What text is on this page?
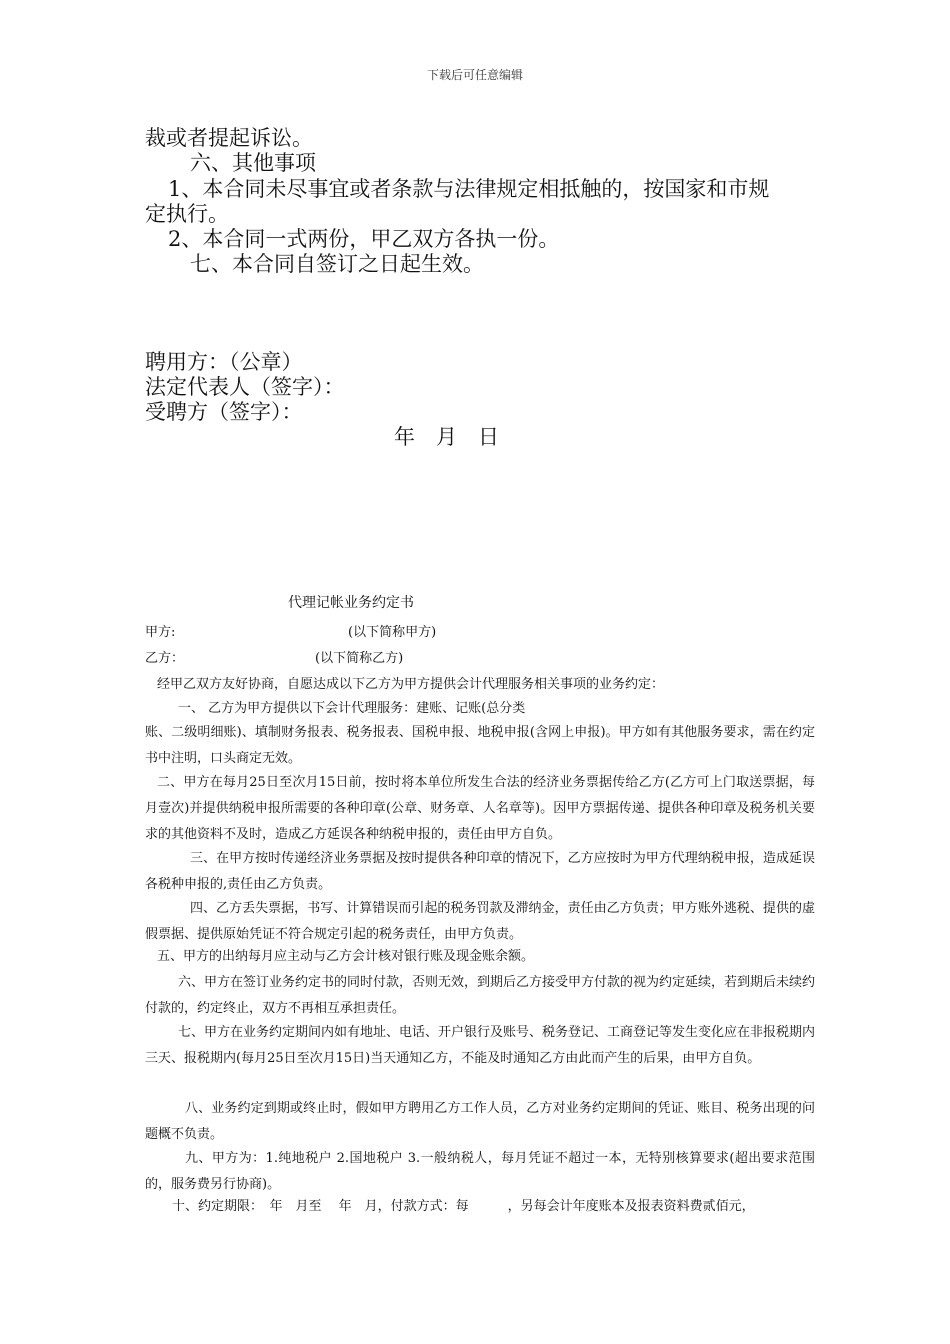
下载后可任意编辑
裁或者提起诉讼。
六、其他事项
1、本合同未尽事宜或者条款与法律规定相抵触的，按国家和市规
定执行。
2、本合同一式两份，甲乙双方各执一份。
七、本合同自签订之日起生效。
聘用方：（公章）
法定代表人（签字）：
受聘方（签字）：
年　月　日
代理记帐业务约定书
甲方:	(以下简称甲方)
乙方：	(以下简称乙方)
经甲乙双方友好协商，自愿达成以下乙方为甲方提供会计代理服务相关事项的业务约定：
一、 乙方为甲方提供以下会计代理服务：建账、记账(总分类
账、二级明细账)、填制财务报表、税务报表、国税申报、地税申报(含网上申报)。甲方如有其他服务要求，需在约定书中注明，口头商定无效。
二、甲方在每月25日至次月15日前，按时将本单位所发生合法的经济业务票据传给乙方(乙方可上门取送票据，每月壹次)并提供纳税申报所需要的各种印章(公章、财务章、人名章等)。因甲方票据传递、提供各种印章及税务机关要求的其他资料不及时，造成乙方延误各种纳税申报的，责任由甲方自负。
三、在甲方按时传递经济业务票据及按时提供各种印章的情况下，乙方应按时为甲方代理纳税申报，造成延误各税种申报的,责任由乙方负责。
四、乙方丢失票据，书写、计算错误而引起的税务罚款及滞纳金，责任由乙方负责；甲方账外逃税、提供的虚假票据、提供原始凭证不符合规定引起的税务责任，由甲方负责。
五、甲方的出纳每月应主动与乙方会计核对银行账及现金账余额。
六、甲方在签订业务约定书的同时付款，否则无效，到期后乙方接受甲方付款的视为约定延续，若到期后未续约付款的，约定终止，双方不再相互承担责任。
七、甲方在业务约定期间内如有地址、电话、开户银行及账号、税务登记、工商登记等发生变化应在非报税期内三天、报税期内(每月25日至次月15日)当天通知乙方，不能及时通知乙方由此而产生的后果，由甲方自负。
八、业务约定到期或终止时，假如甲方聘用乙方工作人员，乙方对业务约定期间的凭证、账目、税务出现的问题概不负责。
九、甲方为：1.纯地税户 2.国地税户 3.一般纳税人，每月凭证不超过一本，无特别核算要求(超出要求范围的，服务费另行协商)。
十、约定期限：　年　月至　 年　月，付款方式：每　　　，另每会计年度账本及报表资料费贰佰元，
